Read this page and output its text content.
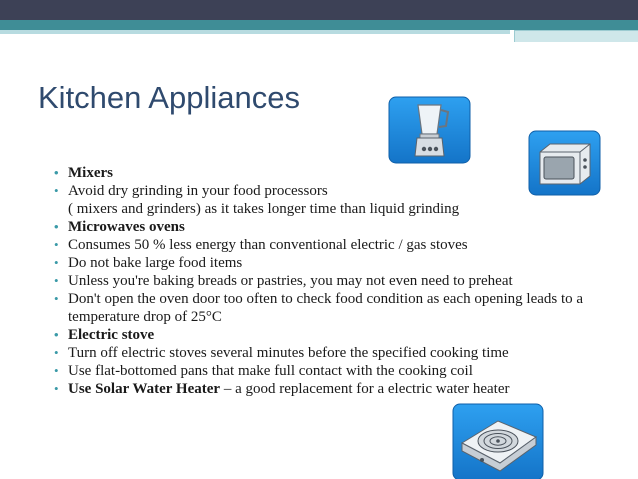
Kitchen Appliances
• Mixers
• Avoid dry grinding in your food processors
( mixers and grinders) as it takes longer time than liquid grinding
• Microwaves ovens
• Consumes 50 % less energy than conventional electric / gas stoves
• Do not bake large food items
• Unless you're baking breads or pastries, you may not even need to preheat
• Don't open the oven door too often to check food condition as each opening leads to a temperature drop of 25°C
• Electric stove
• Turn off electric stoves several minutes before the specified cooking time
• Use flat-bottomed pans that make full contact with the cooking coil
• Use Solar Water Heater – a good replacement for a electric water heater
